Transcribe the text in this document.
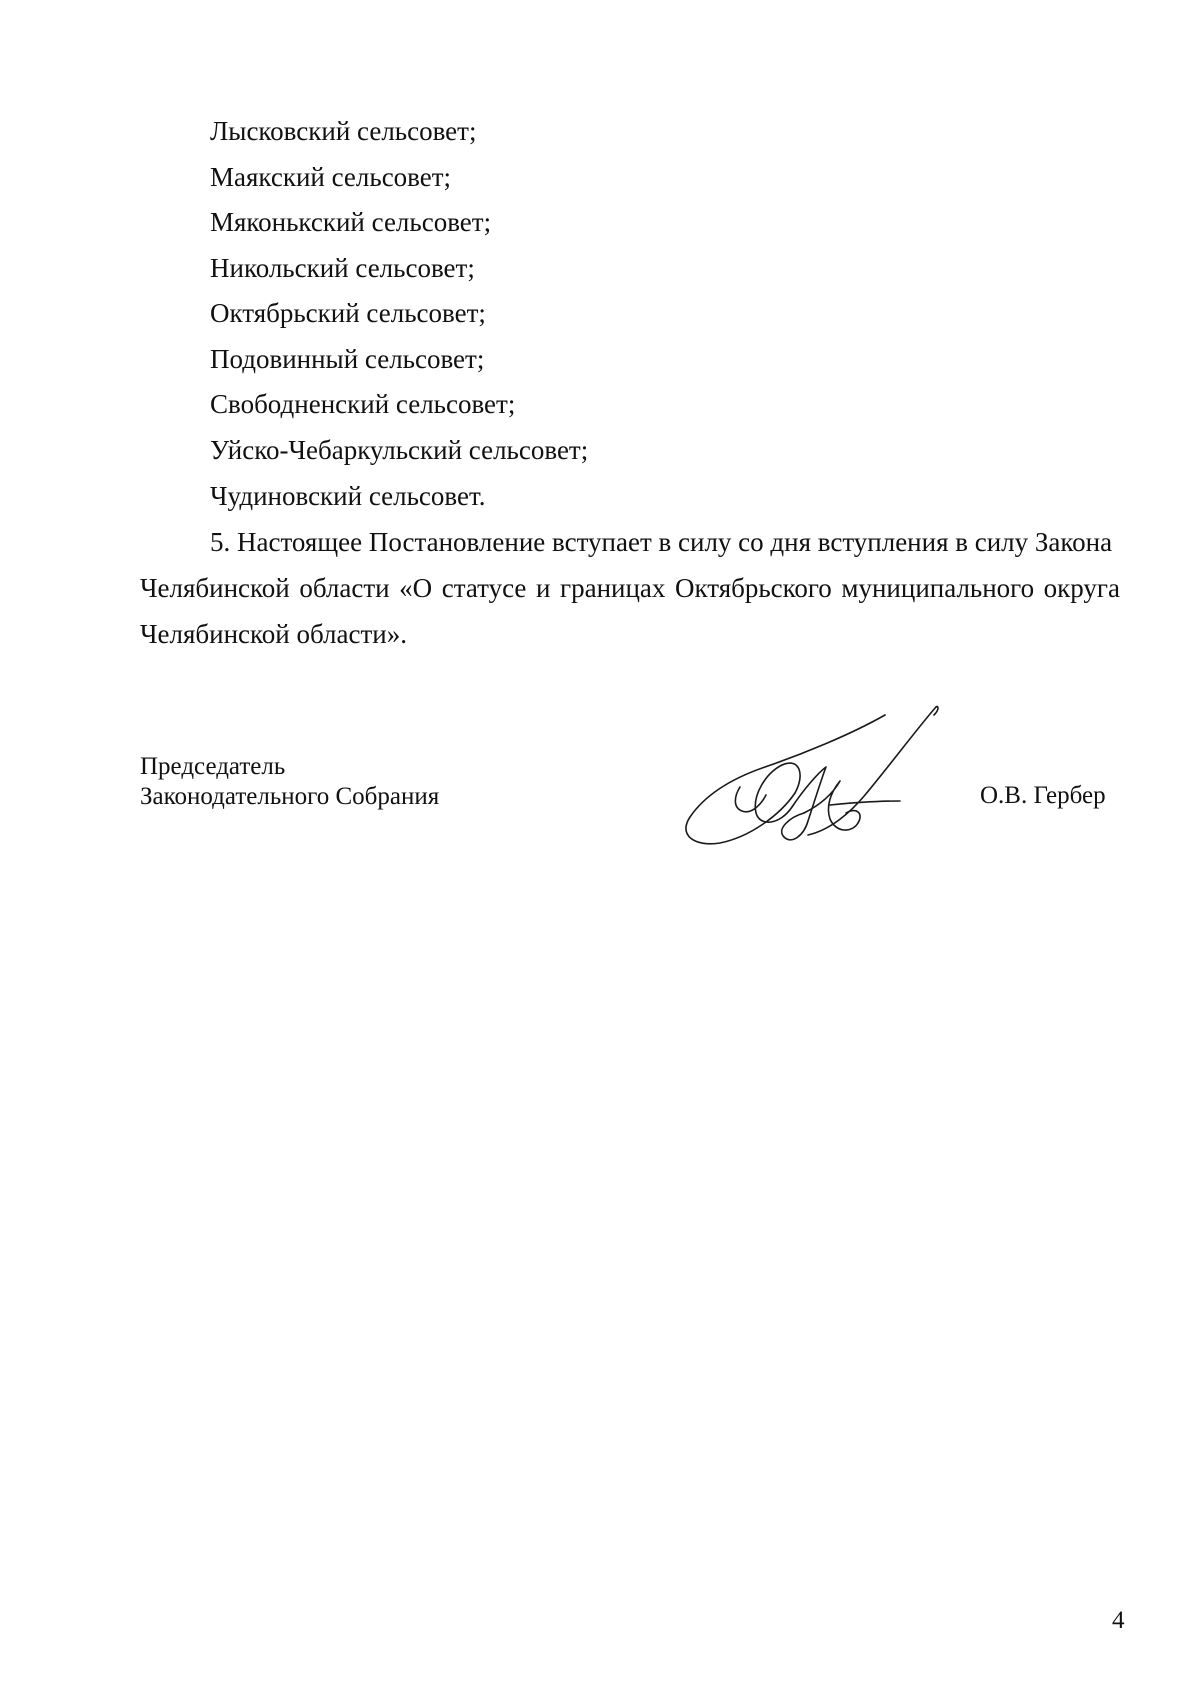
Лысковский сельсовет;
Маякский сельсовет;
Мяконькский сельсовет;
Никольский сельсовет;
Октябрьский сельсовет;
Подовинный сельсовет;
Свободненский сельсовет;
Уйско-Чебаркульский сельсовет;
Чудиновский сельсовет.
5. Настоящее Постановление вступает в силу со дня вступления в силу Закона
Челябинской области «О статусе и границах Октябрьского муниципального округа
Челябинской области».
Председатель
Законодательного Собрания	О.В. Гербер
4
